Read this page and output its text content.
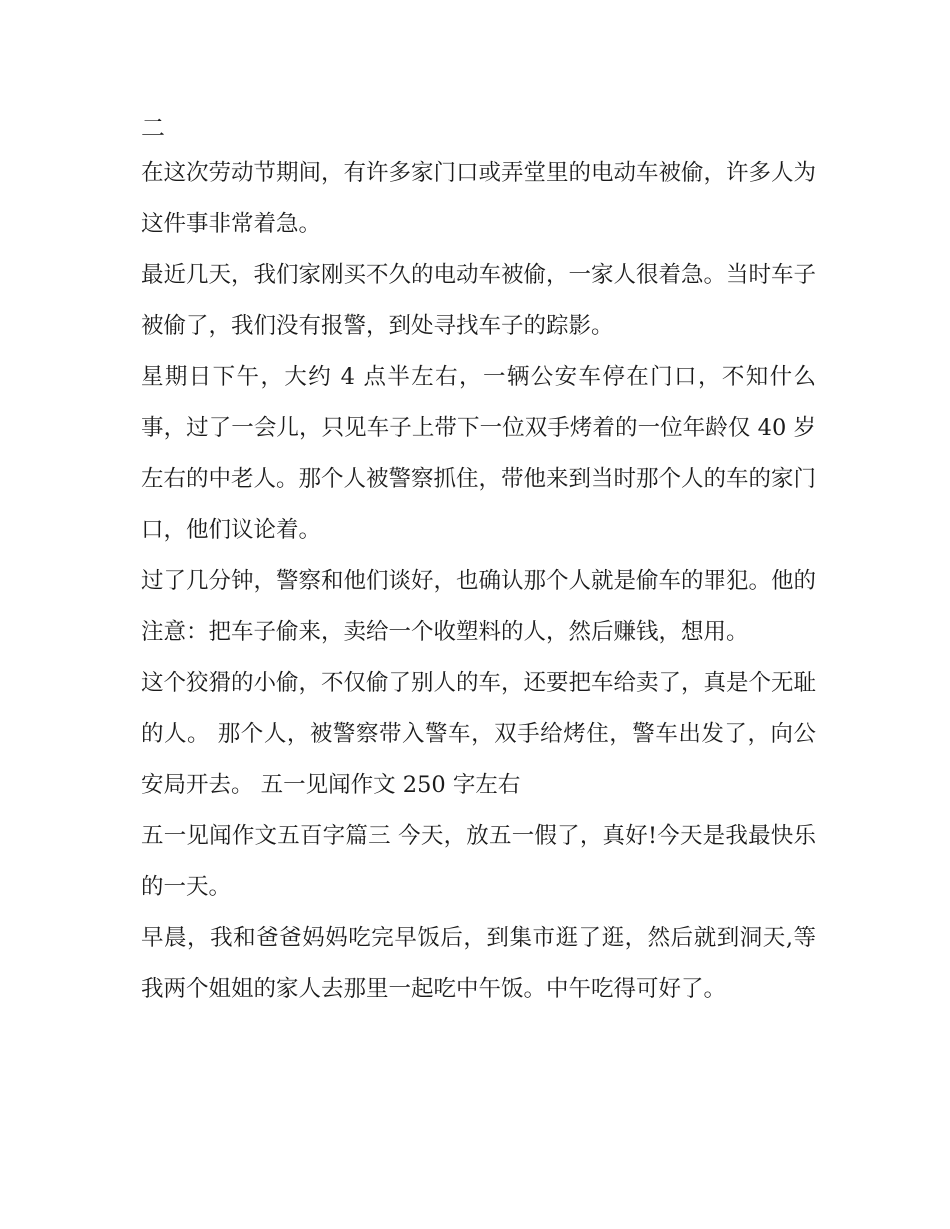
二

在这次劳动节期间，有许多家门口或弄堂里的电动车被偷，许多人为这件事非常着急。

最近几天，我们家刚买不久的电动车被偷，一家人很着急。当时车子被偷了，我们没有报警，到处寻找车子的踪影。

星期日下午，大约 4 点半左右，一辆公安车停在门口，不知什么事，过了一会儿，只见车子上带下一位双手烤着的一位年龄仅 40 岁左右的中老人。那个人被警察抓住，带他来到当时那个人的车的家门口，他们议论着。

过了几分钟，警察和他们谈好，也确认那个人就是偷车的罪犯。他的注意：把车子偷来，卖给一个收塑料的人，然后赚钱，想用。

这个狡猾的小偷，不仅偷了别人的车，还要把车给卖了，真是个无耻的人。 那个人，被警察带入警车，双手给烤住，警车出发了，向公安局开去。 五一见闻作文 250 字左右

五一见闻作文五百字篇三 今天，放五一假了，真好!今天是我最快乐的一天。

早晨，我和爸爸妈妈吃完早饭后，到集市逛了逛，然后就到洞天,等我两个姐姐的家人去那里一起吃中午饭。中午吃得可好了。
